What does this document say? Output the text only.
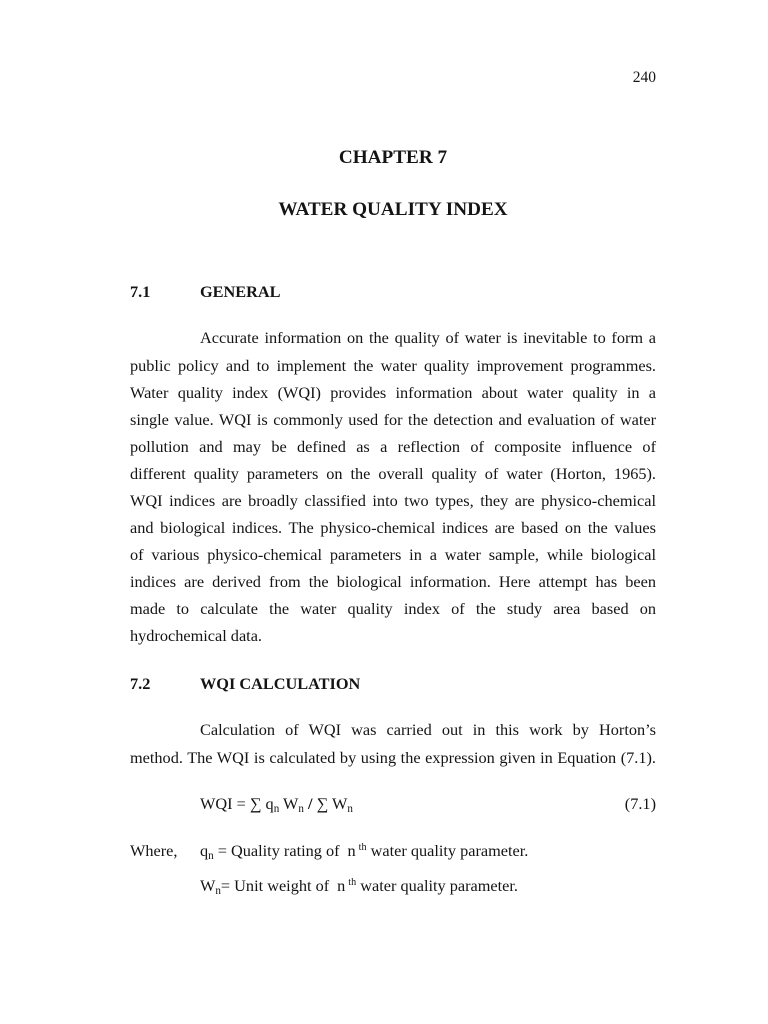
240
CHAPTER 7
WATER QUALITY INDEX
7.1	GENERAL
Accurate information on the quality of water is inevitable to form a
public policy and to implement the water quality improvement programmes.
Water quality index (WQI) provides information about water quality in a
single value. WQI is commonly used for the detection and evaluation of water
pollution and may be defined as a reflection of composite influence of
different quality parameters on the overall quality of water (Horton, 1965).
WQI indices are broadly classified into two types, they are physico-chemical
and biological indices. The physico-chemical indices are based on the values
of various physico-chemical parameters in a water sample, while biological
indices are derived from the biological information. Here attempt has been
made to calculate the water quality index of the study area based on
hydrochemical data.
7.2	WQI CALCULATION
Calculation of WQI was carried out in this work by Horton’s
method. The WQI is calculated by using the expression given in Equation (7.1).
WQI = ∑ $q_n$ $W_n$ / ∑ $W_n$	(7.1)
Where, $q_n$ = Quality rating of n $^{th}$ water quality parameter.
$W_n=$ Unit weight of n $^{th}$ water quality parameter.
